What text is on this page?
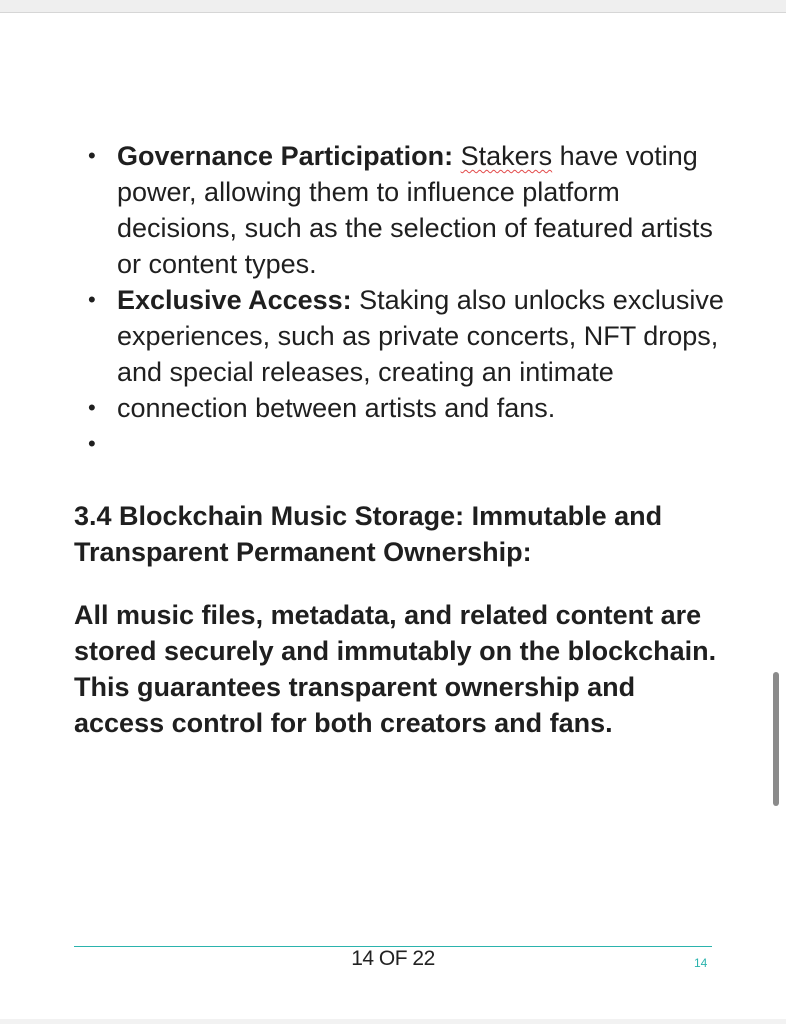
• Governance Participation: Stakers have voting power, allowing them to influence platform decisions, such as the selection of featured artists or content types.
• Exclusive Access: Staking also unlocks exclusive experiences, such as private concerts, NFT drops, and special releases, creating an intimate
• connection between artists and fans.
•
3.4 Blockchain Music Storage: Immutable and Transparent Permanent Ownership:

All music files, metadata, and related content are stored securely and immutably on the blockchain. This guarantees transparent ownership and access control for both creators and fans.

14 OF 22	14
